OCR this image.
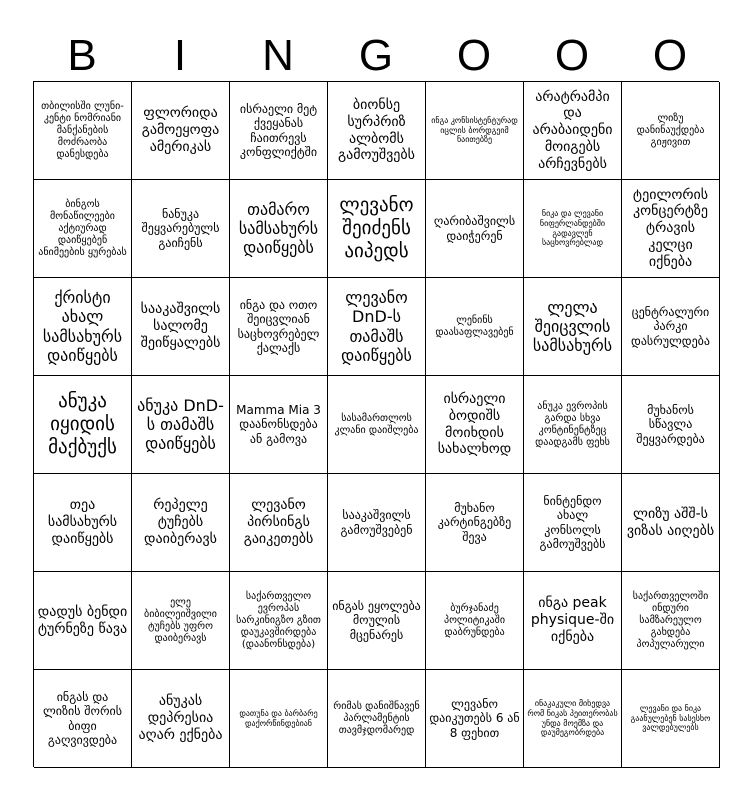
B	I	N	G	O	O	O
თბილისში ლუნი-კენტი ნომრიანი მანქანების მოძრაობა დანესდება
ფლორიდა გამოეყოფა ამერიკას
ისრაელი მეტ ქვეყანას ჩაითრევს კონფლიქტში
ბიონსე სურპრიზ ალბომს გამოუშვებს
ინგა კონსისტენტურად იცლის ბორდგეიმ ნაითებზე
არატრამპი და არაბაიდენი მოიგებს არჩევნებს
ლიზუ დანინაუქდება გიჟივით
ბინგოს მონაწილეები აქტიურად დაიწყებენ ანიმეების ყურებას
ნანუკა შეყვარებულს გაიჩენს
თამარო სამსახურს დაიწყებს
ლევანო შეიძენს აიპედს
ღარიბაშვილს დაიჭერენ
ნიკა და ლევანი ნიფერლანდებში გადავლენ საცხოვრებლად
ტეილორის კონცერტზე ტრავის კელცი იქნება
ქრისტი ახალ სამსახურს დაიწყებს
სააკაშვილს სალომე შეიწყალებს
ინგა და ოთო შეიცვლიან საცხოვრებელ ქალაქს
ლევანო DnD-ს თამაშს დაიწყებს
ლენინს დაასაფლავებენ
ლელა შეიცვლის სამსახურს
ცენტრალური პარკი დასრულდება
ანუკა იყიდის მაქბუქს
ანუკა DnD-ს თამაშს დაიწყებს
Mamma Mia 3 დაანონსდება ან გამოვა
სასამართლოს კლანი დაიშლება
ისრაელი ბოდიშს მოიხდის სახალხოდ
ანუკა ევროპის გარდა სხვა კონტინენტზეც დაადგამს ფეხს
მუხანოს სწავლა შეყვარდება
თეა სამსახურს დაიწყებს
რეპელე ტუჩებს დაიბერავს
ლევანო პირსინგს გაიკეთებს
სააკაშვილს გამოუშვებენ
მუხანო კარტინგებზე შევა
ნინტენდო ახალ კონსოლს გამოუშვებს
ლიზუ აშშ-ს ვიზას აიღებს
დადუს ბენდი ტურნეზე წავა
ელე ბიბილეიშვილი ტუჩებს უფრო დაიბერავს
საქართველო ევროპას სარკინიგზო გზით დაუკავშირდება (დაანონსდება)
ინგას ეყოლება მოულის მცენარეს
ბურჯანაძე პოლიტიკაში დაბრუნდება
ინგა peak physique-ში იქნება
საქართველოში ინდური სამზარეულო გახდება პოპულარული
ინგას და ლიზის შორის ბიფი გაღვივდება
ანუკას დეპრესია აღარ ექნება
დათუნა და ბარბარე დაქორწინდებიან
რიმას დანიშნავენ პარლამენტის თავმჯდომარედ
ლევანო დაიკუთებს 6 ან 8 ფეხით
ინაკაკული მიხედვა რომ ნიკას პეითერობას უნდა მოემზა და დაუმეგობრდება
ლევანი და ნიკა გაანულებენ სასესხო ვალდებულებს
